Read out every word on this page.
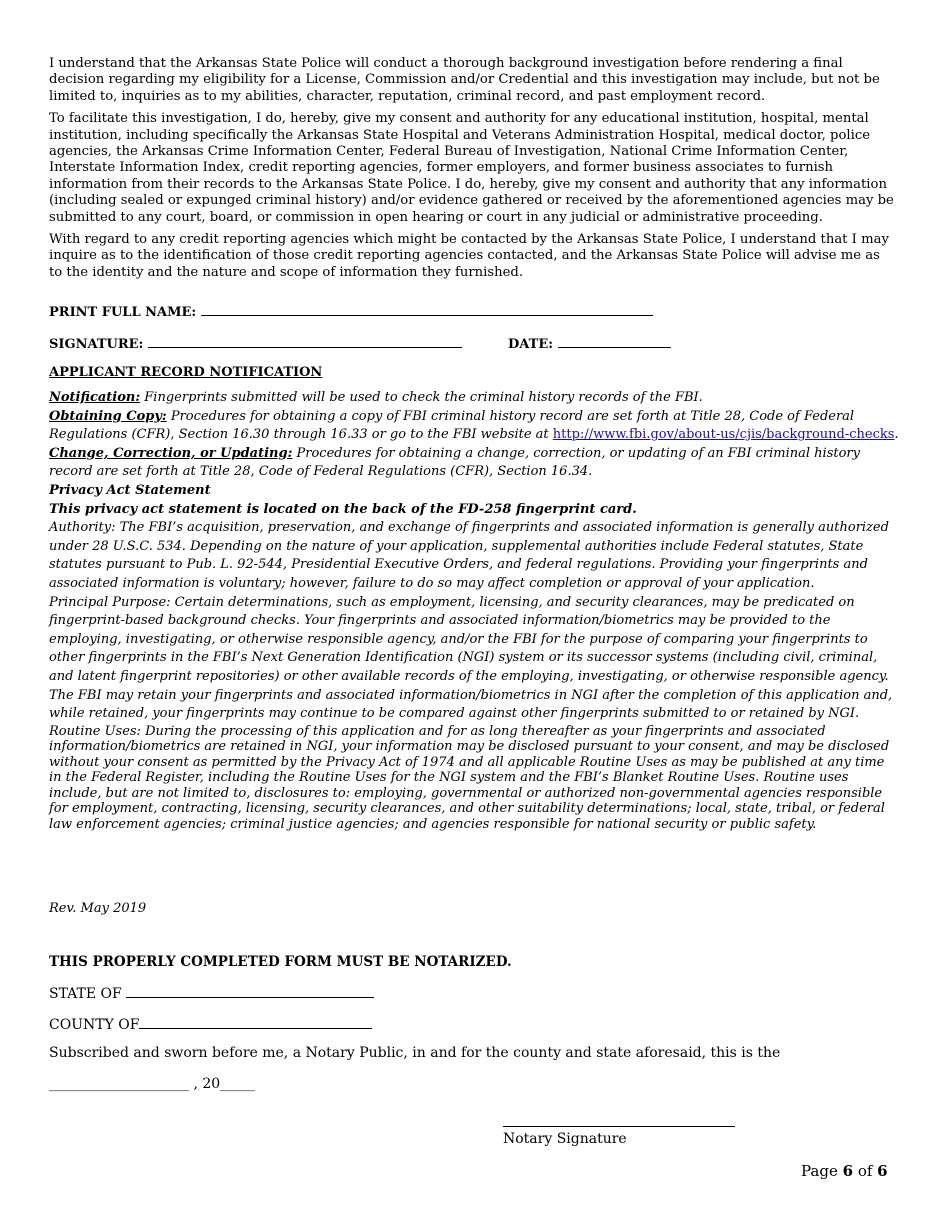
I understand that the Arkansas State Police will conduct a thorough background investigation before rendering a final decision regarding my eligibility for a License, Commission and/or Credential and this investigation may include, but not be limited to, inquiries as to my abilities, character, reputation, criminal record, and past employment record.

To facilitate this investigation, I do, hereby, give my consent and authority for any educational institution, hospital, mental institution, including specifically the Arkansas State Hospital and Veterans Administration Hospital, medical doctor, police agencies, the Arkansas Crime Information Center, Federal Bureau of Investigation, National Crime Information Center, Interstate Information Index, credit reporting agencies, former employers, and former business associates to furnish information from their records to the Arkansas State Police. I do, hereby, give my consent and authority that any information (including sealed or expunged criminal history) and/or evidence gathered or received by the aforementioned agencies may be submitted to any court, board, or commission in open hearing or court in any judicial or administrative proceeding.

With regard to any credit reporting agencies which might be contacted by the Arkansas State Police, I understand that I may inquire as to the identification of those credit reporting agencies contacted, and the Arkansas State Police will advise me as to the identity and the nature and scope of information they furnished.

PRINT FULL NAME:
SIGNATURE:	DATE:
APPLICANT RECORD NOTIFICATION

Notification: Fingerprints submitted will be used to check the criminal history records of the FBI.

Obtaining Copy: Procedures for obtaining a copy of FBI criminal history record are set forth at Title 28, Code of Federal Regulations (CFR), Section 16.30 through 16.33 or go to the FBI website at http://www.fbi.gov/about-us/cjis/background-checks.

Change, Correction, or Updating: Procedures for obtaining a change, correction, or updating of an FBI criminal history record are set forth at Title 28, Code of Federal Regulations (CFR), Section 16.34.

Privacy Act Statement

This privacy act statement is located on the back of the FD-258 fingerprint card.

Authority: The FBI’s acquisition, preservation, and exchange of fingerprints and associated information is generally authorized under 28 U.S.C. 534. Depending on the nature of your application, supplemental authorities include Federal statutes, State statutes pursuant to Pub. L. 92-544, Presidential Executive Orders, and federal regulations. Providing your fingerprints and associated information is voluntary; however, failure to do so may affect completion or approval of your application.

Principal Purpose: Certain determinations, such as employment, licensing, and security clearances, may be predicated on fingerprint-based background checks. Your fingerprints and associated information/biometrics may be provided to the employing, investigating, or otherwise responsible agency, and/or the FBI for the purpose of comparing your fingerprints to other fingerprints in the FBI’s Next Generation Identification (NGI) system or its successor systems (including civil, criminal, and latent fingerprint repositories) or other available records of the employing, investigating, or otherwise responsible agency. The FBI may retain your fingerprints and associated information/biometrics in NGI after the completion of this application and, while retained, your fingerprints may continue to be compared against other fingerprints submitted to or retained by NGI.

Routine Uses: During the processing of this application and for as long thereafter as your fingerprints and associated information/biometrics are retained in NGI, your information may be disclosed pursuant to your consent, and may be disclosed without your consent as permitted by the Privacy Act of 1974 and all applicable Routine Uses as may be published at any time in the Federal Register, including the Routine Uses for the NGI system and the FBI’s Blanket Routine Uses. Routine uses include, but are not limited to, disclosures to: employing, governmental or authorized non-governmental agencies responsible for employment, contracting, licensing, security clearances, and other suitability determinations; local, state, tribal, or federal law enforcement agencies; criminal justice agencies; and agencies responsible for national security or public safety.

Rev. May 2019
THIS PROPERLY COMPLETED FORM MUST BE NOTARIZED.
STATE OF
COUNTY OF
Subscribed and sworn before me, a Notary Public, in and for the county and state aforesaid, this is the
____________________ , 20_____
Notary Signature
Page 6 of 6
